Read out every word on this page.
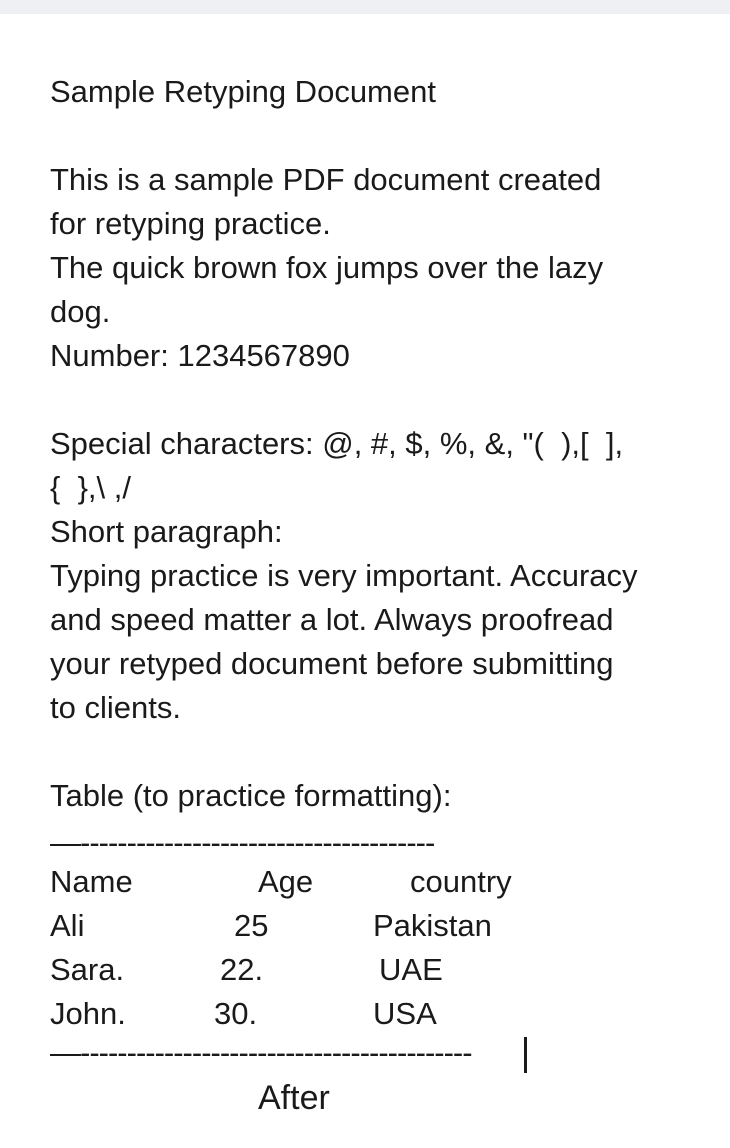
Sample Retyping Document
This is a sample PDF document created
for retyping practice.
The quick brown fox jumps over the lazy
dog.
Number: 1234567890
Special characters: @, #, $, %, &, "(  ),[  ],
{  },\ ,/
Short paragraph:
Typing practice is very important. Accuracy
and speed matter a lot. Always proofread
your retyped document before submitting
to clients.
Table (to practice formatting):
—--------------------------------------
Name	Age	country
Ali	25	Pakistan
Sara.	22.	UAE
John.	30.	USA
—------------------------------------------
After
